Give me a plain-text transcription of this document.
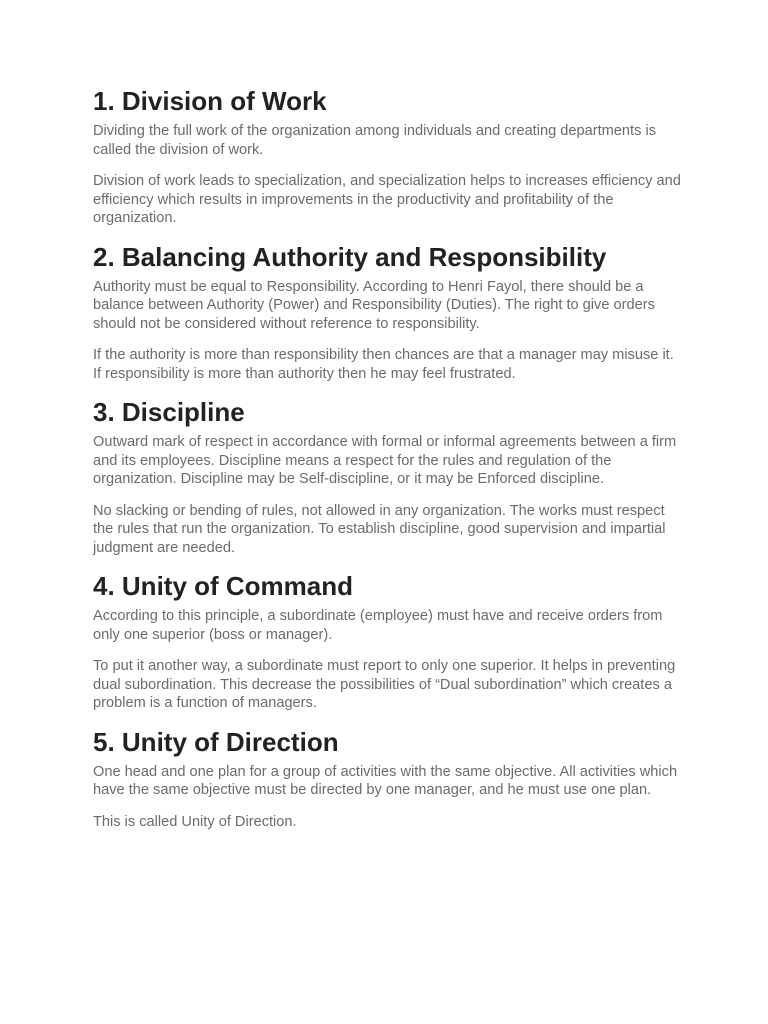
1. Division of Work

Dividing the full work of the organization among individuals and creating departments is called the division of work.

Division of work leads to specialization, and specialization helps to increases efficiency and efficiency which results in improvements in the productivity and profitability of the organization.

2. Balancing Authority and Responsibility

Authority must be equal to Responsibility. According to Henri Fayol, there should be a balance between Authority (Power) and Responsibility (Duties). The right to give orders should not be considered without reference to responsibility.

If the authority is more than responsibility then chances are that a manager may misuse it. If responsibility is more than authority then he may feel frustrated.

3. Discipline

Outward mark of respect in accordance with formal or informal agreements between a firm and its employees. Discipline means a respect for the rules and regulation of the organization. Discipline may be Self-discipline, or it may be Enforced discipline.

No slacking or bending of rules, not allowed in any organization. The works must respect the rules that run the organization. To establish discipline, good supervision and impartial judgment are needed.

4. Unity of Command

According to this principle, a subordinate (employee) must have and receive orders from only one superior (boss or manager).

To put it another way, a subordinate must report to only one superior. It helps in preventing dual subordination. This decrease the possibilities of “Dual subordination” which creates a problem is a function of managers.

5. Unity of Direction

One head and one plan for a group of activities with the same objective. All activities which have the same objective must be directed by one manager, and he must use one plan.

This is called Unity of Direction.
